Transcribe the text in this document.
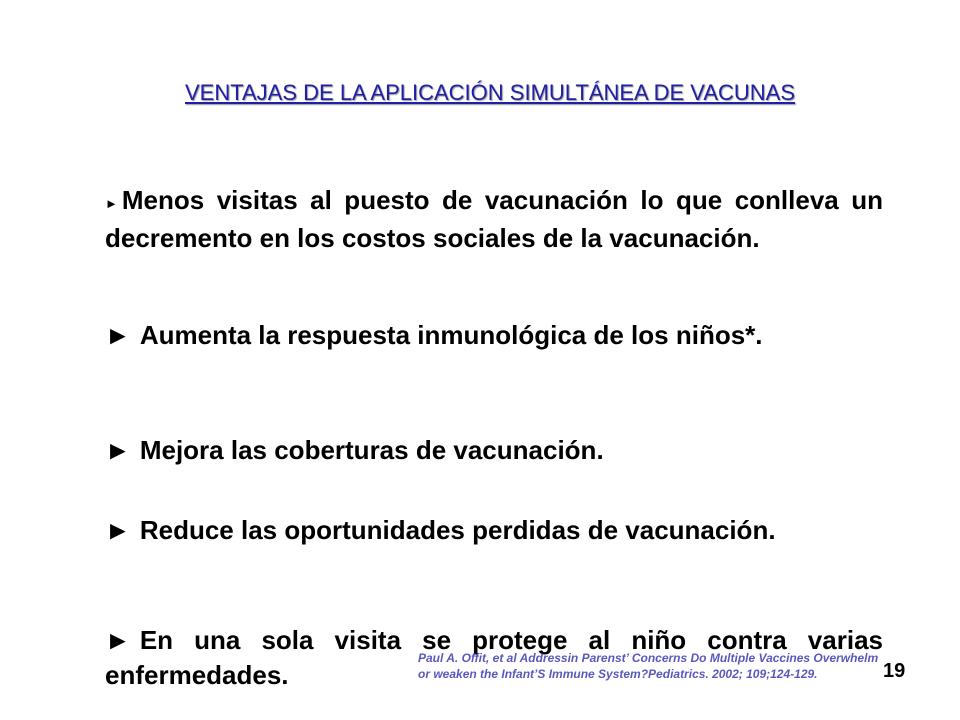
VENTAJAS DE LA APLICACIÓN SIMULTÁNEA DE VACUNAS
► Menos visitas al puesto de vacunación lo que conlleva un decremento en los costos sociales de la vacunación.
► Aumenta la respuesta inmunológica de los niños*.
► Mejora las coberturas de vacunación.
► Reduce las oportunidades perdidas de vacunación.
► En una sola visita se protege al niño contra varias enfermedades.
Paul A. Offit, et al Addressin Parenst’ Concerns Do Multiple Vaccines Overwhelm or weaken the Infant’S Immune System?Pediatrics. 2002; 109;124-129.	19
